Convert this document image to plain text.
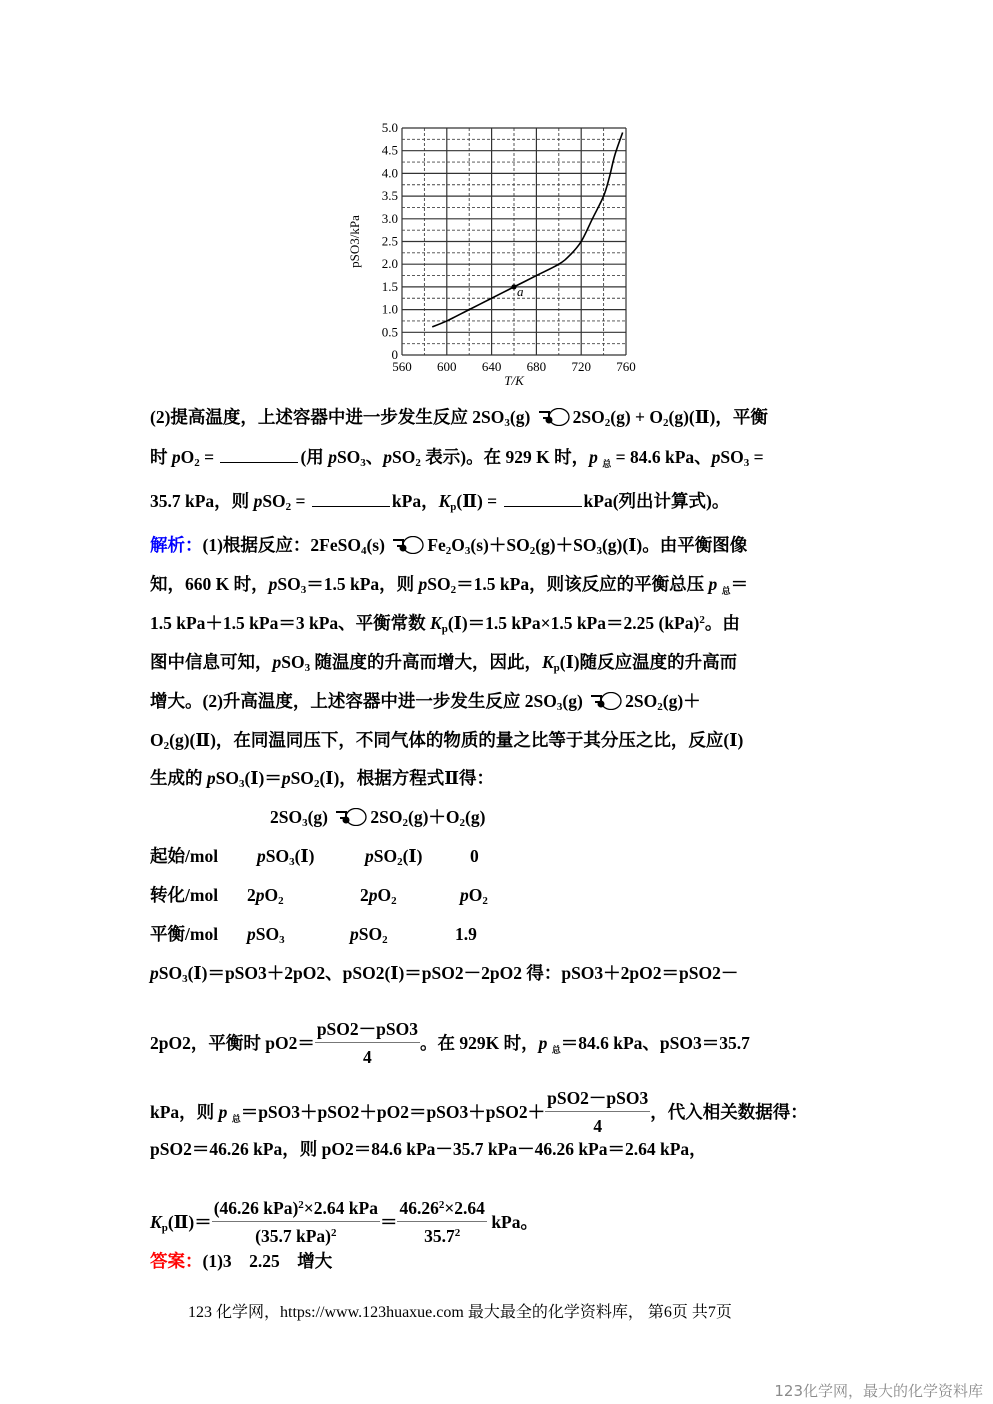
560 600 640 680 720 760
0
0.5
1.0
1.5
2.0
2.5
3.0
3.5
4.0
4.5
5.0
a
T/K
pSO3/kPa
(2)提高温度，上述容器中进一步发生反应 $2SO_3(g) 2SO_2(g)$ + $O_2(g)(Ⅱ)$，平衡
时 $pO_2$ =	(用 pSO$_3$、pSO$_2$ 表示)。在 929 K 时，p $_总$ = 84.6 kPa、pSO$_3$ =
35.7 kPa，则 pSO$_2$ =	kPa，$K_p(Ⅱ)$ =	kPa(列出计算式)。
解析：(1)根据反应：2FeSO$_4$(s) $Fe_2O_3(s)+SO_2(g)+SO_3(g)(Ⅰ)$。由平衡图像
知，660 K 时，pSO$_3$＝1.5 kPa，则 pSO$_2$＝1.5 kPa，则该反应的平衡总压 p $_总$＝
1.5 kPa＋1.5 kPa＝3 kPa、平衡常数 $K_p(Ⅰ)=1.5$ kPa×1.5 kPa＝2.25 (kPa)$^2$。由
图中信息可知，pSO$_3$ 随温度的升高而增大，因此，$K_p(Ⅰ)$随反应温度的升高而
增大。(2)升高温度，上述容器中进一步发生反应 $2SO_3(g)$ $2SO_2(g)+$
$O_2(g)(Ⅱ)$，在同温同压下，不同气体的物质的量之比等于其分压之比，反应(Ⅰ)
生成的 pSO$_3$(Ⅰ)＝pSO$_2$(Ⅰ)，根据方程式Ⅱ得：
$2SO_3(g)$ $2SO_2(g)+O_2(g)$
起始/mol pSO$_3$(Ⅰ)	pSO$_2$(Ⅰ)	0
转化/mol $2pO_2$	$2pO_2$	$pO_2$
平衡/mol pSO$_3$	pSO$_2$	1.9
pSO$_3$(Ⅰ)＝pSO3＋2pO2、pSO2(Ⅰ)＝pSO2－2pO2 得：pSO3＋2pO2＝pSO2－
2pO2，平衡时 $pO2= \frac{\text{pSO2－pSO3}}{4}$ 。在 929K 时，p $_总$＝84.6 kPa、pSO3＝35.7
kPa，则 p $_总=pSO3+pSO2+pO2=pSO3+pSO2+ \frac{\text{pSO2－pSO3}}{4}$ ，代入相关数据得：
pSO2＝46.26 kPa，则 pO2＝84.6 kPa－35.7 kPa－46.26 kPa＝2.64 kPa，
$K_p(Ⅱ)= \frac{(46.26 kPa)^2\times 2.64 kPa}{(35.7 kPa)^2} = \frac{46.26^2\times 2.64}{35.7^2}$ kPa。
答案：(1)3    2.25    增大
123 化学网，https://www.123huaxue.com 最大最全的化学资料库， 第6页 共7页
123化学网，最大的化学资料库
